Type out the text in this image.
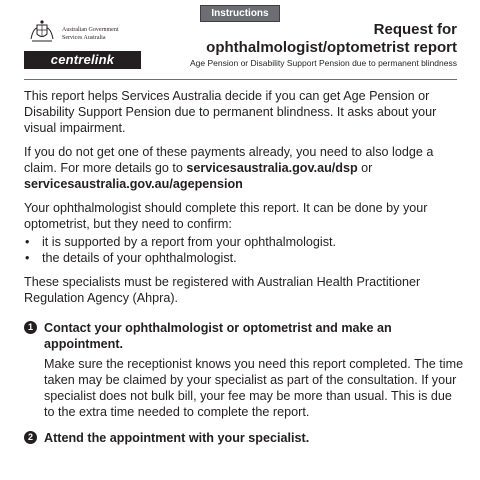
Instructions
Australian Government
Services Australia
centrelink
Request for
ophthalmologist/optometrist report
Age Pension or Disability Support Pension due to permanent blindness

This report helps Services Australia decide if you can get Age Pension or Disability Support Pension due to permanent blindness. It asks about your visual impairment.

If you do not get one of these payments already, you need to also lodge a claim. For more details go to servicesaustralia.gov.au/dsp or servicesaustralia.gov.au/agepension

Your ophthalmologist should complete this report. It can be done by your optometrist, but they need to confirm:

• it is supported by a report from your ophthalmologist.
• the details of your ophthalmologist.

These specialists must be registered with Australian Health Practitioner Regulation Agency (Ahpra).

1 Contact your ophthalmologist or optometrist and make an appointment.

Make sure the receptionist knows you need this report completed. The time taken may be claimed by your specialist as part of the consultation. If your specialist does not bulk bill, your fee may be more than usual. This is due to the extra time needed to complete the report.

2 Attend the appointment with your specialist.
